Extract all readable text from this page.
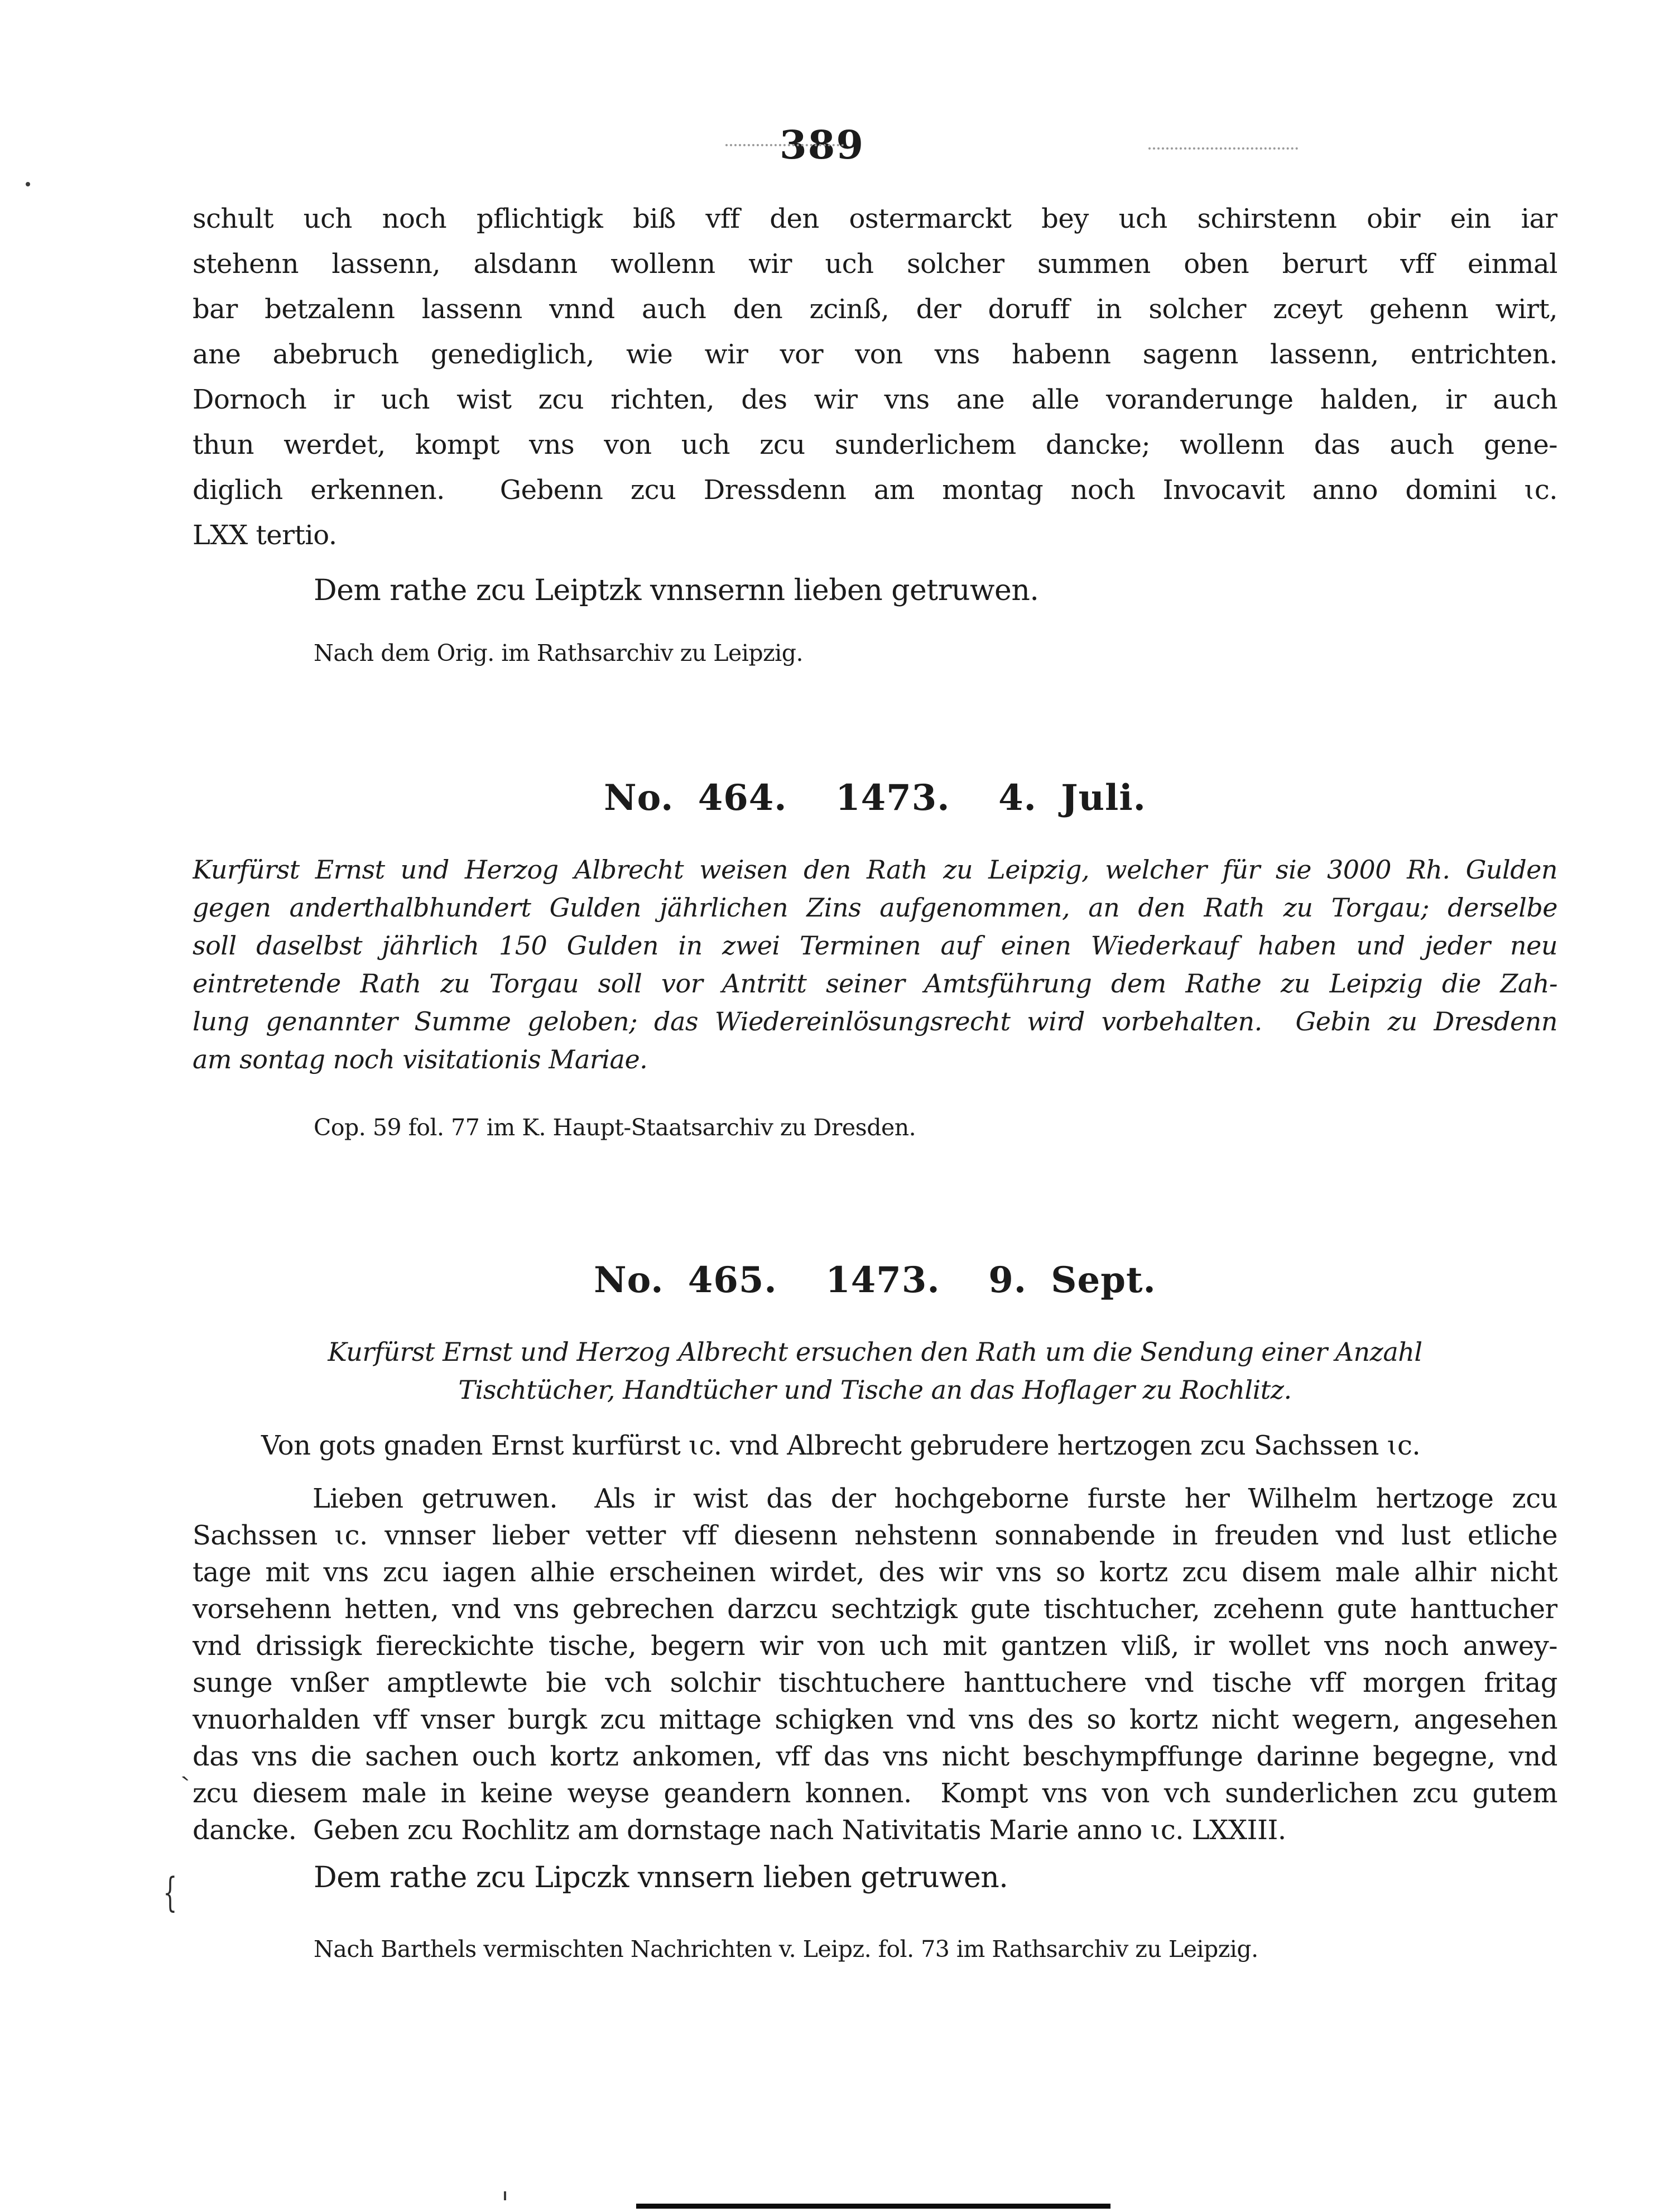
389
schult uch noch pflichtigk biß vff den ostermarckt bey uch schirstenn obir ein iar
stehenn lassenn, alsdann wollenn wir uch solcher summen oben berurt vff einmal
bar betzalenn lassenn vnnd auch den zcinß, der doruff in solcher zceyt gehenn wirt,
ane abebruch genediglich, wie wir vor von vns habenn sagenn lassenn, entrichten.
Dornoch ir uch wist zcu richten, des wir vns ane alle voranderunge halden, ir auch
thun werdet, kompt vns von uch zcu sunderlichem dancke; wollenn das auch gene-
diglich erkennen.  Gebenn zcu Dressdenn am montag noch Invocavit anno domini ɩc.
LXX tertio.
Dem rathe zcu Leiptzk vnnsernn lieben getruwen.
Nach dem Orig. im Rathsarchiv zu Leipzig.
No. 464.  1473.  4. Juli.
Kurfürst Ernst und Herzog Albrecht weisen den Rath zu Leipzig, welcher für sie 3000 Rh. Gulden
gegen anderthalbhundert Gulden jährlichen Zins aufgenommen, an den Rath zu Torgau; derselbe
soll daselbst jährlich 150 Gulden in zwei Terminen auf einen Wiederkauf haben und jeder neu
eintretende Rath zu Torgau soll vor Antritt seiner Amtsführung dem Rathe zu Leipzig die Zah-
lung genannter Summe geloben; das Wiedereinlösungsrecht wird vorbehalten.  Gebin zu Dresdenn
am sontag noch visitationis Mariae.
Cop. 59 fol. 77 im K. Haupt-Staatsarchiv zu Dresden.
No. 465.  1473.  9. Sept.
Kurfürst Ernst und Herzog Albrecht ersuchen den Rath um die Sendung einer Anzahl
Tischtücher, Handtücher und Tische an das Hoflager zu Rochlitz.
Von gots gnaden Ernst kurfürst ɩc. vnd Albrecht gebrudere hertzogen zcu Sachssen ɩc.
Lieben getruwen.  Als ir wist das der hochgeborne furste her Wilhelm hertzoge zcu
Sachssen ɩc. vnnser lieber vetter vff diesenn nehstenn sonnabende in freuden vnd lust etliche
tage mit vns zcu iagen alhie erscheinen wirdet, des wir vns so kortz zcu disem male alhir nicht
vorsehenn hetten, vnd vns gebrechen darzcu sechtzigk gute tischtucher, zcehenn gute hanttucher
vnd drissigk fiereckichte tische, begern wir von uch mit gantzen vliß, ir wollet vns noch anwey-
sunge vnßer amptlewte bie vch solchir tischtuchere hanttuchere vnd tische vff morgen fritag
vnuorhalden vff vnser burgk zcu mittage schigken vnd vns des so kortz nicht wegern, angesehen
das vns die sachen ouch kortz ankomen, vff das vns nicht beschympffunge darinne begegne, vnd
zcu diesem male in keine weyse geandern konnen.  Kompt vns von vch sunderlichen zcu gutem
dancke.  Geben zcu Rochlitz am dornstage nach Nativitatis Marie anno ɩc. LXXIII.
Dem rathe zcu Lipczk vnnsern lieben getruwen.
Nach Barthels vermischten Nachrichten v. Leipz. fol. 73 im Rathsarchiv zu Leipzig.
`
{
